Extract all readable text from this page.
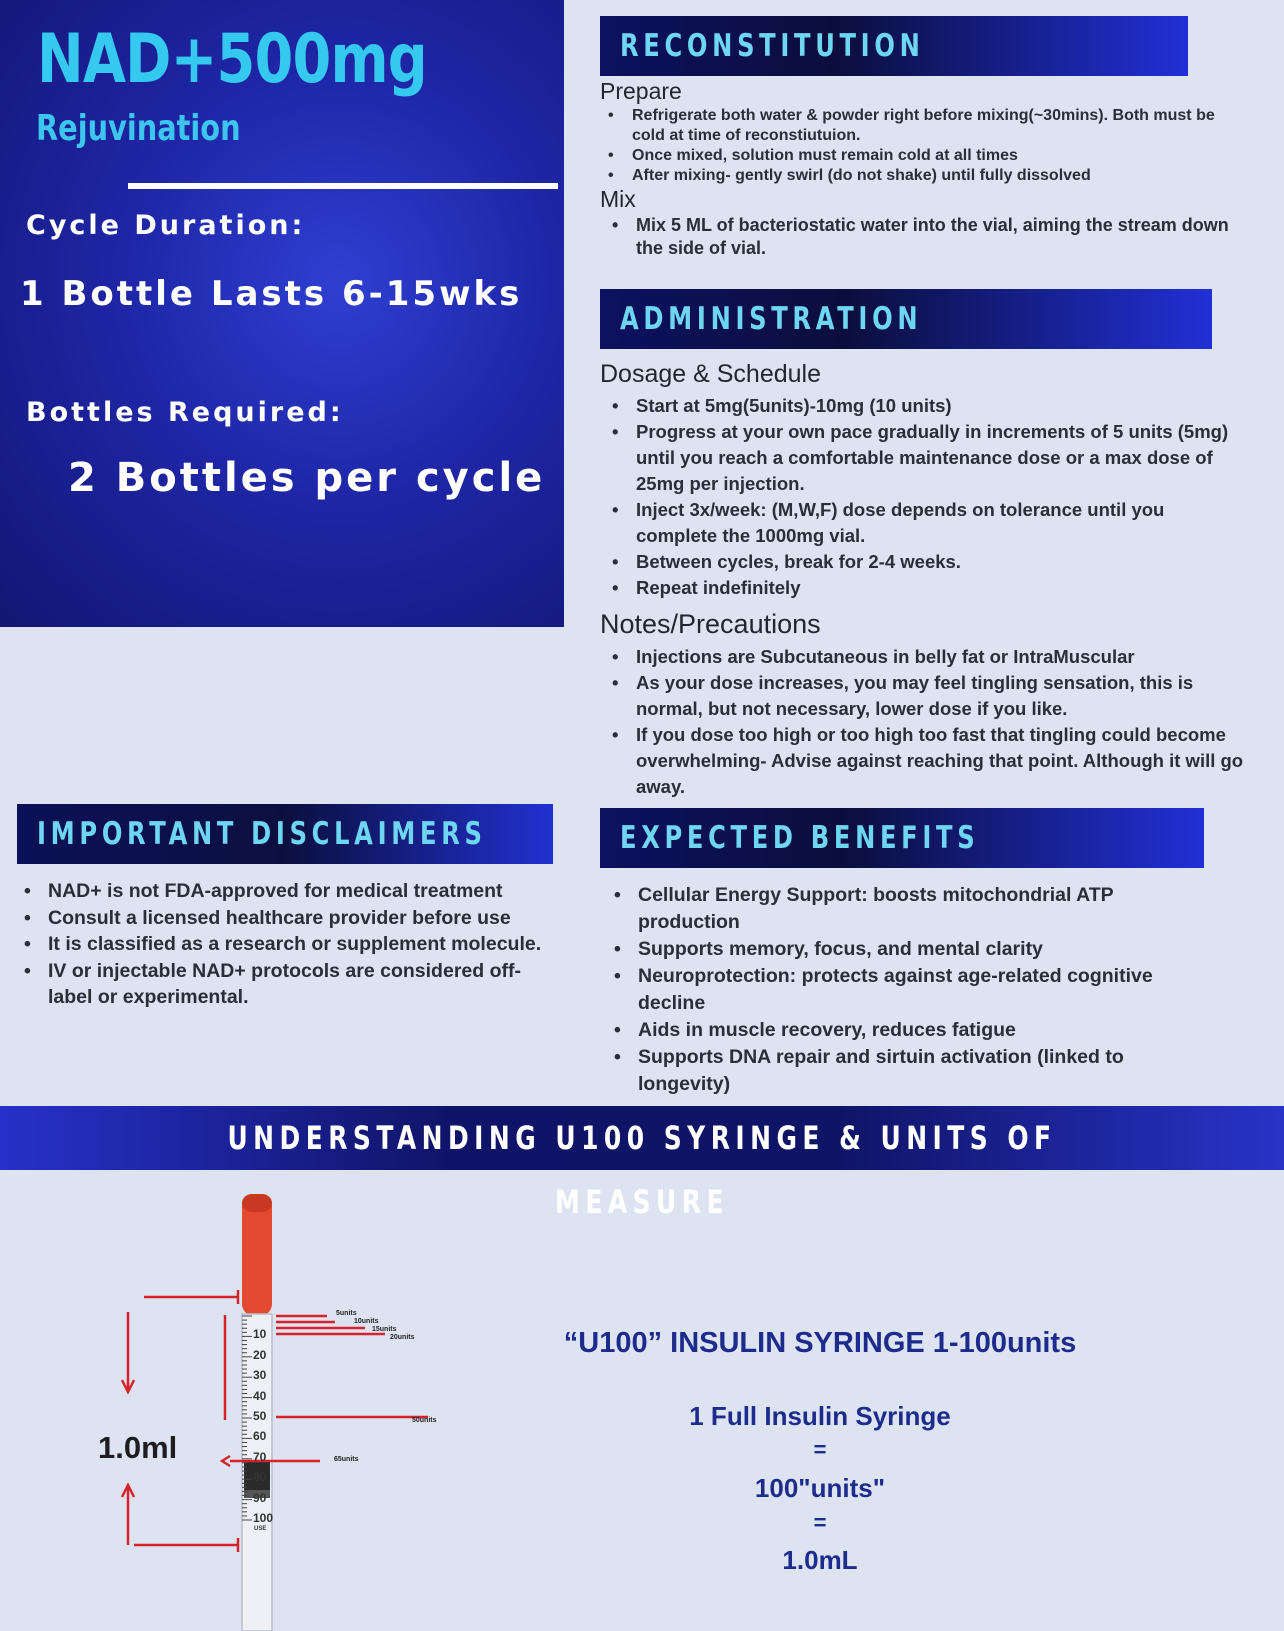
NAD+500mg
Rejuvination
Cycle Duration:
1 Bottle Lasts 6-15wks
Bottles Required:
2 Bottles per cycle
RECONSTITUTION
Prepare
• Refrigerate both water & powder right before mixing(~30mins). Both must be cold at time of reconstiutuion.
• Once mixed, solution must remain cold at all times
• After mixing- gently swirl (do not shake) until fully dissolved
Mix
• Mix 5 ML of bacteriostatic water into the vial, aiming the stream down the side of vial.
ADMINISTRATION
Dosage & Schedule
• Start at 5mg(5units)-10mg (10 units)
• Progress at your own pace gradually in increments of 5 units (5mg) until you reach a comfortable maintenance dose or a max dose of 25mg per injection.
• Inject 3x/week: (M,W,F) dose depends on tolerance until you complete the 1000mg vial.
• Between cycles, break for 2-4 weeks.
• Repeat indefinitely
Notes/Precautions
• Injections are Subcutaneous in belly fat or IntraMuscular
• As your dose increases, you may feel tingling sensation, this is normal, but not necessary, lower dose if you like.
• If you dose too high or too high too fast that tingling could become overwhelming- Advise against reaching that point. Although it will go away.
IMPORTANT DISCLAIMERS
• NAD+ is not FDA-approved for medical treatment
• Consult a licensed healthcare provider before use
• It is classified as a research or supplement molecule.
• IV or injectable NAD+ protocols are considered off-label or experimental.
EXPECTED BENEFITS
• Cellular Energy Support: boosts mitochondrial ATP production
• Supports memory, focus, and mental clarity
• Neuroprotection: protects against age-related cognitive decline
• Aids in muscle recovery, reduces fatigue
• Supports DNA repair and sirtuin activation (linked to longevity)
UNDERSTANDING U100 SYRINGE & UNITS OF MEASURE
5units
10units
15units
20units
50units
65units
10
20
30
40
50
60
70
80
90
100
USE
1.0ml
“U100” INSULIN SYRINGE 1-100units
1 Full Insulin Syringe
=
100"units"
=
1.0mL
